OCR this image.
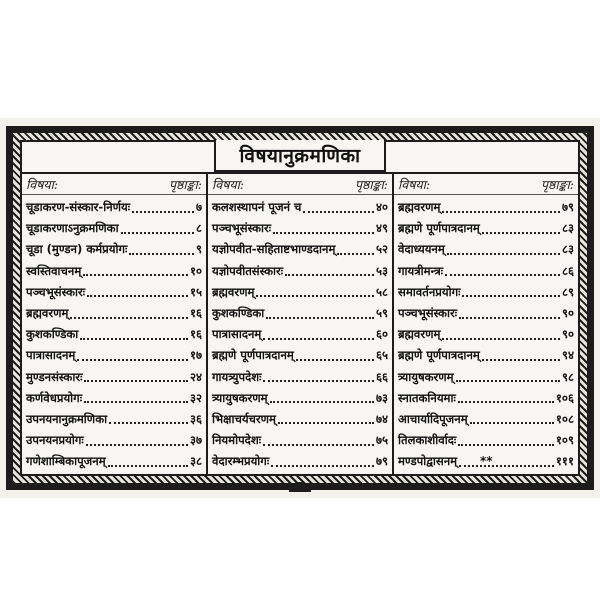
विषयानुक्रमणिका
विषया:	पृष्ठाङ्का:
चूडाकरण-संस्कार-निर्णयः	७
चूडाकरणाऽनुक्रमणिका	८
चूडा (मुण्डन) कर्मप्रयोगः	९
स्वस्तिवाचनम्	१०
पञ्चभूसंस्कारः	१५
ब्रह्मवरणम्	१६
कुशकण्डिका	१६
पात्रासादनम्	१७
मुण्डनसंस्कारः	२४
कर्णवेधप्रयोगः	३२
उपनयनानुक्रमणिका	३६
उपनयनप्रयोगः	३७
गणेशाम्बिकापूजनम्	३८
विषया:	पृष्ठाङ्का:
कलशस्थापनं पूजनं च	४०
पञ्चभूसंस्कारः	४९
यज्ञोपवीत-सहिताष्टभाण्डदानम्	५२
यज्ञोपवीतसंस्कारः	५३
ब्रह्मवरणम्	५८
कुशकण्डिका	५९
पात्रासादनम्	६०
ब्रह्मणे पूर्णपात्रदानम्	६५
गायत्र्युपदेशः	६६
त्र्यायुषकरणम्	७३
भिक्षाचर्यचरणम्	७४
नियमोपदेशः	७५
वेदारम्भप्रयोगः	७९
विषया:	पृष्ठाङ्का:
ब्रह्मवरणम्	७९
ब्रह्मणे पूर्णपात्रदानम्	८३
वेदाध्ययनम्	८३
गायत्रीमन्त्रः	८६
समावर्तनप्रयोगः	८९
पञ्चभूसंस्कारः	९०
ब्रह्मवरणम्	९०
ब्रह्मणे पूर्णपात्रदानम्	९४
त्र्यायुषकरणम्	९८
स्नातकनियमाः	१०६
आचार्यादिपूजनम्	१०८
तिलकाशीर्वादः	१०९
मण्डपोद्वासनम्	१११
**
